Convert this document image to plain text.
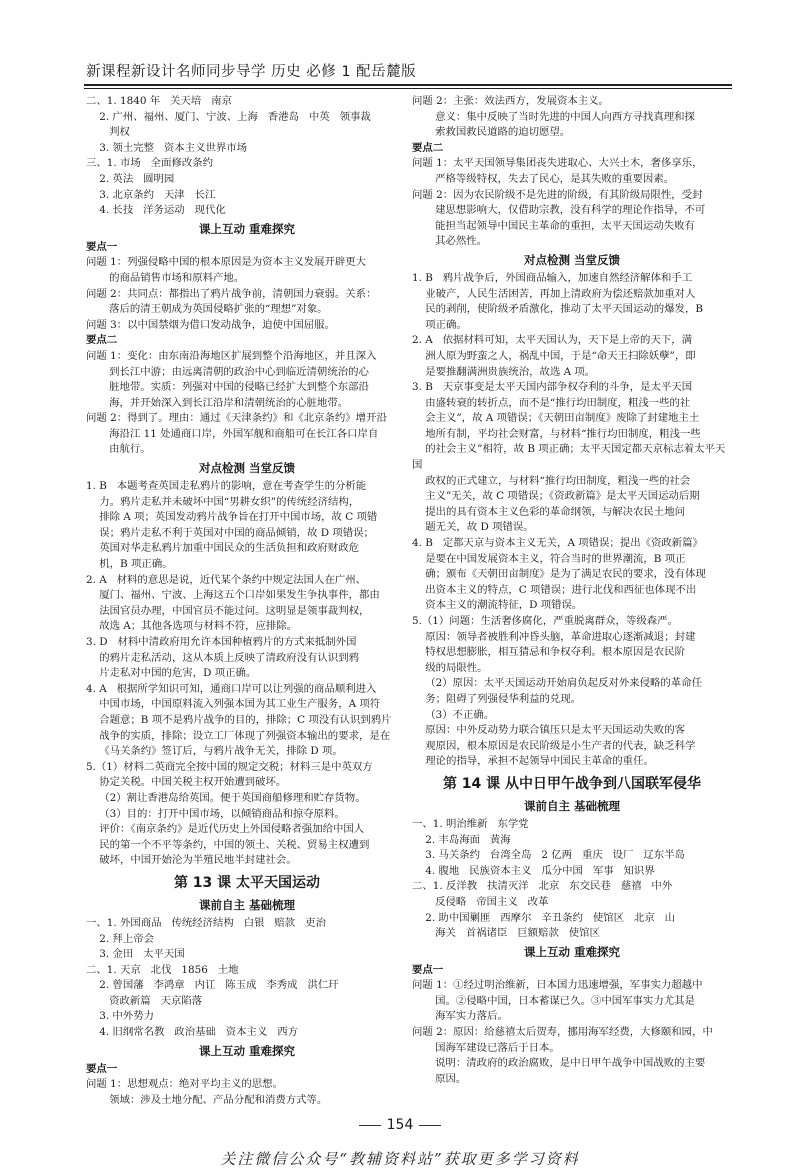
新课程新设计名师同步导学 历史 必修 1 配岳麓版

二、1. 1840 年   关天培   南京

2. 广州、福州、厦门、宁波、上海   香港岛   中英   领事裁
判权

3. 领土完整   资本主义世界市场

三、1. 市场   全面修改条约

2. 英法   圆明园

3. 北京条约   天津   长江

4. 长技   洋务运动   现代化

课上互动 重难探究
要点一

问题 1：列强侵略中国的根本原因是为资本主义发展开辟更大
的商品销售市场和原料产地。

问题 2：共同点：都指出了鸦片战争前，清朝国力衰弱。关系：
落后的清王朝成为英国侵略扩张的“理想”对象。

问题 3：以中国禁烟为借口发动战争，迫使中国屈服。

要点二

问题 1：变化：由东南沿海地区扩展到整个沿海地区，并且深入
到长江中游；由远离清朝的政治中心到临近清朝统治的心
脏地带。实质：列强对中国的侵略已经扩大到整个东部沿
海，并开始深入到长江沿岸和清朝统治的心脏地带。

问题 2：得到了。理由：通过《天津条约》和《北京条约》增开沿
海沿江 11 处通商口岸，外国军舰和商船可在长江各口岸自
由航行。

对点检测 当堂反馈

1. B   本题考查英国走私鸦片的影响，意在考查学生的分析能
力。鸦片走私并未破坏中国“男耕女织”的传统经济结构，
排除 A 项；英国发动鸦片战争旨在打开中国市场，故 C 项错
误；鸦片走私不利于英国对中国的商品倾销，故 D 项错误；
英国对华走私鸦片加重中国民众的生活负担和政府财政危
机，B 项正确。

2. A   材料的意思是说，近代某个条约中规定法国人在广州、
厦门、福州、宁波、上海这五个口岸如果发生争执事件，都由
法国官员办理，中国官员不能过问。这明显是领事裁判权，
故选 A；其他各选项与材料不符，应排除。

3. D   材料中清政府用允许本国种植鸦片的方式来抵制外国
的鸦片走私活动，这从本质上反映了清政府没有认识到鸦
片走私对中国的危害，D 项正确。

4. A   根据所学知识可知，通商口岸可以让列强的商品顺利进入
中国市场，中国原料流入列强本国为其工业生产服务，A 项符
合题意；B 项不是鸦片战争的目的，排除；C 项没有认识到鸦片
战争的实质，排除；设立工厂体现了列强资本输出的要求，是在
《马关条约》签订后，与鸦片战争无关，排除 D 项。

5.（1）材料二英商完全按中国的规定交税；材料三是中英双方
协定关税。中国关税主权开始遭到破坏。

（2）割让香港岛给英国。便于英国商船修理和贮存货物。

（3）目的：打开中国市场，以倾销商品和掠夺原料。
评价：《南京条约》是近代历史上外国侵略者强加给中国人
民的第一个不平等条约，中国的领土、关税、贸易主权遭到
破坏，中国开始沦为半殖民地半封建社会。

第 13 课 太平天国运动
课前自主 基础梳理

一、1. 外国商品   传统经济结构   白银   赔款   吏治

2. 拜上帝会

3. 金田   太平天国

二、1. 天京   北伐   1856   土地

2. 曾国藩   李鸿章   内讧   陈玉成   李秀成   洪仁玕
资政新篇   天京陷落

3. 中外势力

4. 旧纲常名教   政治基础   资本主义   西方

课上互动 重难探究
要点一

问题 1：思想观点：绝对平均主义的思想。
领域：涉及土地分配、产品分配和消费方式等。

问题 2：主张：效法西方，发展资本主义。
意义：集中反映了当时先进的中国人向西方寻找真理和探
索救国救民道路的迫切愿望。

要点二

问题 1：太平天国领导集团丧失进取心、大兴土木，奢侈享乐，
严格等级特权，失去了民心，是其失败的重要因素。

问题 2：因为农民阶级不是先进的阶级，有其阶级局限性，受封
建思想影响大，仅借助宗教，没有科学的理论作指导，不可
能担当起领导中国民主革命的重担，太平天国运动失败有
其必然性。

对点检测 当堂反馈

1. B   鸦片战争后，外国商品输入，加速自然经济解体和手工
业破产，人民生活困苦，再加上清政府为偿还赔款加重对人
民的剥削，使阶级矛盾激化，推动了太平天国运动的爆发，B
项正确。

2. A   依据材料可知，太平天国认为，天下是上帝的天下，满
洲人原为野蛮之人，祸乱中国，于是“命天王扫除妖孽”，即
是要推翻满洲贵族统治，故选 A 项。

3. B   天京事变是太平天国内部争权夺利的斗争，是太平天国
由盛转衰的转折点，而不是“推行均田制度，粗浅一些的社
会主义”，故 A 项错误；《天朝田亩制度》废除了封建地主土
地所有制，平均社会财富，与材料“推行均田制度，粗浅一些
的社会主义”相符，故 B 项正确；太平天国定都天京标志着太平天国
政权的正式建立，与材料“推行均田制度，粗浅一些的社会
主义”无关，故 C 项错误；《资政新篇》是太平天国运动后期
提出的具有资本主义色彩的革命纲领，与解决农民土地问
题无关，故 D 项错误。

4. B   定都天京与资本主义无关，A 项错误；提出《资政新篇》
是要在中国发展资本主义，符合当时的世界潮流，B 项正
确；颁布《天朝田亩制度》是为了满足农民的要求，没有体现
出资本主义的特点，C 项错误；进行北伐和西征也体现不出
资本主义的潮流特征，D 项错误。

5.（1）问题：生活奢侈腐化，严重脱离群众，等级森严。
原因：领导者被胜利冲昏头脑，革命进取心逐渐减退；封建
特权思想膨胀，相互猜忌和争权夺利。根本原因是农民阶
级的局限性。

（2）原因：太平天国运动开始肩负起反对外来侵略的革命任
务；阻碍了列强侵华利益的兑现。

（3）不正确。
原因：中外反动势力联合镇压只是太平天国运动失败的客
观原因，根本原因是农民阶级是小生产者的代表，缺乏科学
理论的指导，承担不起领导中国民主革命的重任。

第 14 课 从中日甲午战争到八国联军侵华
课前自主 基础梳理

一、1. 明治维新   东学党

2. 丰岛海面   黄海

3. 马关条约   台湾全岛   2 亿两   重庆   设厂   辽东半岛

4. 腹地   民族资本主义   瓜分中国   军事   知识界

二、1. 反洋教   扶清灭洋   北京   东交民巷   慈禧   中外
反侵略   帝国主义   改革

2. 助中国剿匪   西摩尔   辛丑条约   使馆区   北京   山
海关   首祸诸臣   巨额赔款   使馆区

课上互动 重难探究
要点一

问题 1：①经过明治维新，日本国力迅速增强，军事实力超越中
国。②侵略中国，日本蓄谋已久。③中国军事实力尤其是
海军实力落后。

问题 2：原因：给慈禧太后贺寿，挪用海军经费，大修颐和园，中
国海军建设已落后于日本。
说明：清政府的政治腐败，是中日甲午战争中国战败的主要
原因。

154
关注微信公众号“教辅资料站”获取更多学习资料
